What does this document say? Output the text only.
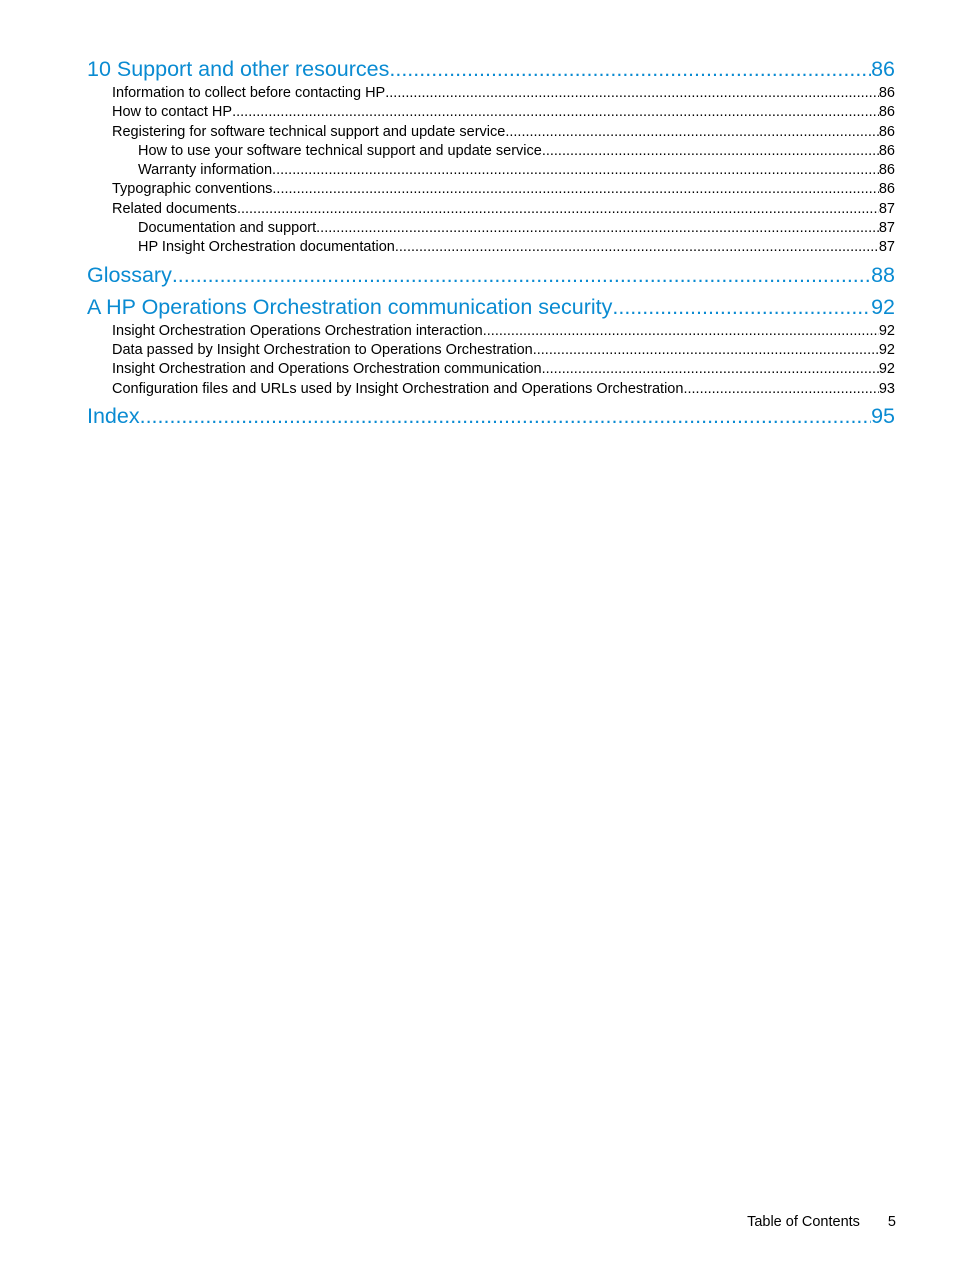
10 Support and other resources .....	86
Information to collect before contacting HP .....	86
How to contact HP .....	86
Registering for software technical support and update service .....	86
How to use your software technical support and update service .....	86
Warranty information .....	86
Typographic conventions .....	86
Related documents .....	87
Documentation and support .....	87
HP Insight Orchestration documentation .....	87
Glossary .....	88
A HP Operations Orchestration communication security .....	92
Insight Orchestration Operations Orchestration interaction .....	92
Data passed by Insight Orchestration to Operations Orchestration .....	92
Insight Orchestration and Operations Orchestration communication .....	92
Configuration files and URLs used by Insight Orchestration and Operations Orchestration .....	93
Index .....	95
Table of Contents 5
